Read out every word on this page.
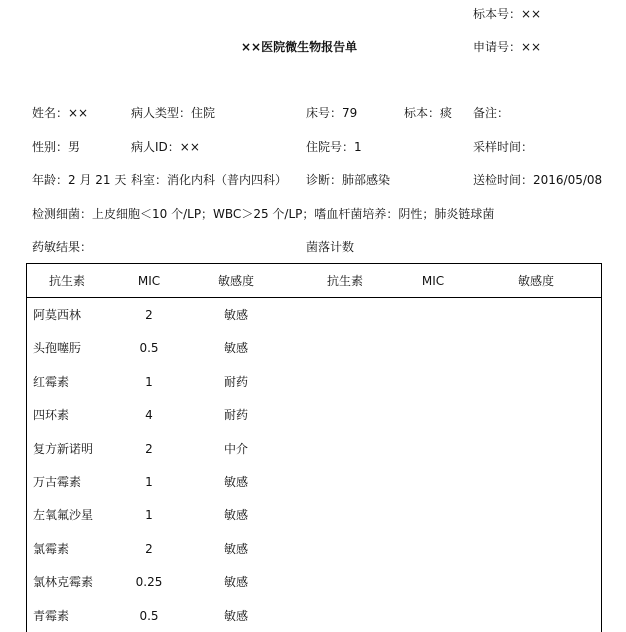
标本号：××
××医院微生物报告单	申请号：××
姓名：××	病人类型：住院	床号：79	标本：痰 备注：
性别：男	病人ID：××	住院号：1	采样时间：
年龄：2 月 21 天 科室：消化内科（普内四科） 诊断：肺部感染	送检时间：2016/05/08
检测细菌：上皮细胞＜10 个/LP；WBC＞25 个/LP；嗜血杆菌培养：阴性；肺炎链球菌
药敏结果：	菌落计数
抗生素	MIC	敏感度	抗生素	MIC	敏感度
阿莫西林	2	敏感
头孢噻肟	0.5	敏感
红霉素	1	耐药
四环素	4	耐药
复方新诺明	2	中介
万古霉素	1	敏感
左氧氟沙星	1	敏感
氯霉素	2	敏感
氯林克霉素	0.25	敏感
青霉素	0.5	敏感
